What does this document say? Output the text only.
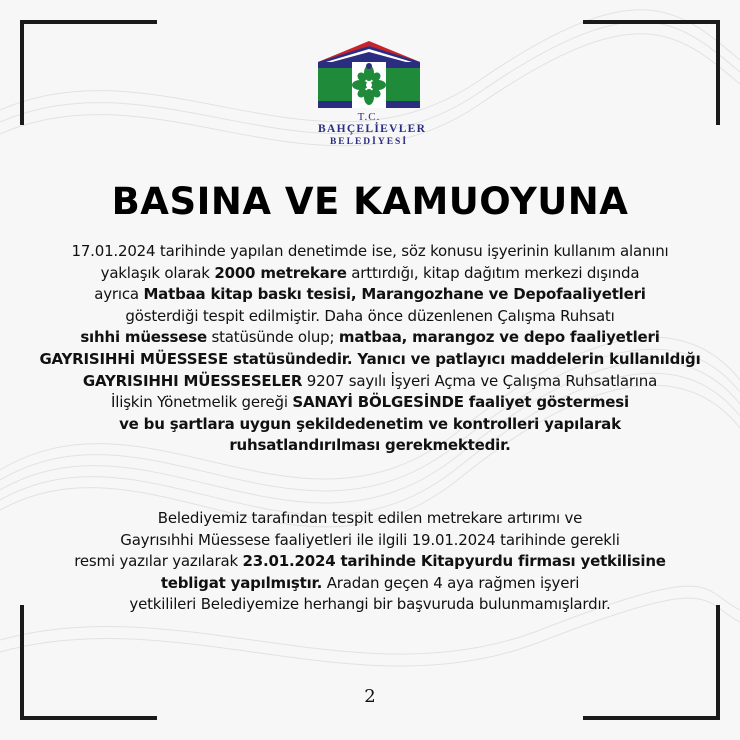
T.C.
BAHÇELİEVLER
BELEDİYESİ
BASINA VE KAMUOYUNA
17.01.2024 tarihinde yapılan denetimde ise, söz konusu işyerinin kullanım alanını
yaklaşık olarak 2000 metrekare arttırdığı, kitap dağıtım merkezi dışında
ayrıca Matbaa kitap baskı tesisi, Marangozhane ve Depofaaliyetleri
gösterdiği tespit edilmiştir. Daha önce düzenlenen Çalışma Ruhsatı
sıhhi müessese statüsünde olup; matbaa, marangoz ve depo faaliyetleri
GAYRISIHHİ MÜESSESE statüsündedir. Yanıcı ve patlayıcı maddelerin kullanıldığı
GAYRISIHHI MÜESSESELER 9207 sayılı İşyeri Açma ve Çalışma Ruhsatlarına
İlişkin Yönetmelik gereği SANAYİ BÖLGESİNDE faaliyet göstermesi
ve bu şartlara uygun şekildedenetim ve kontrolleri yapılarak
ruhsatlandırılması gerekmektedir.
Belediyemiz tarafından tespit edilen metrekare artırımı ve
Gayrısıhhi Müessese faaliyetleri ile ilgili 19.01.2024 tarihinde gerekli
resmi yazılar yazılarak 23.01.2024 tarihinde Kitapyurdu firması yetkilisine
tebligat yapılmıştır. Aradan geçen 4 aya rağmen işyeri
yetkilileri Belediyemize herhangi bir başvuruda bulunmamışlardır.
2
